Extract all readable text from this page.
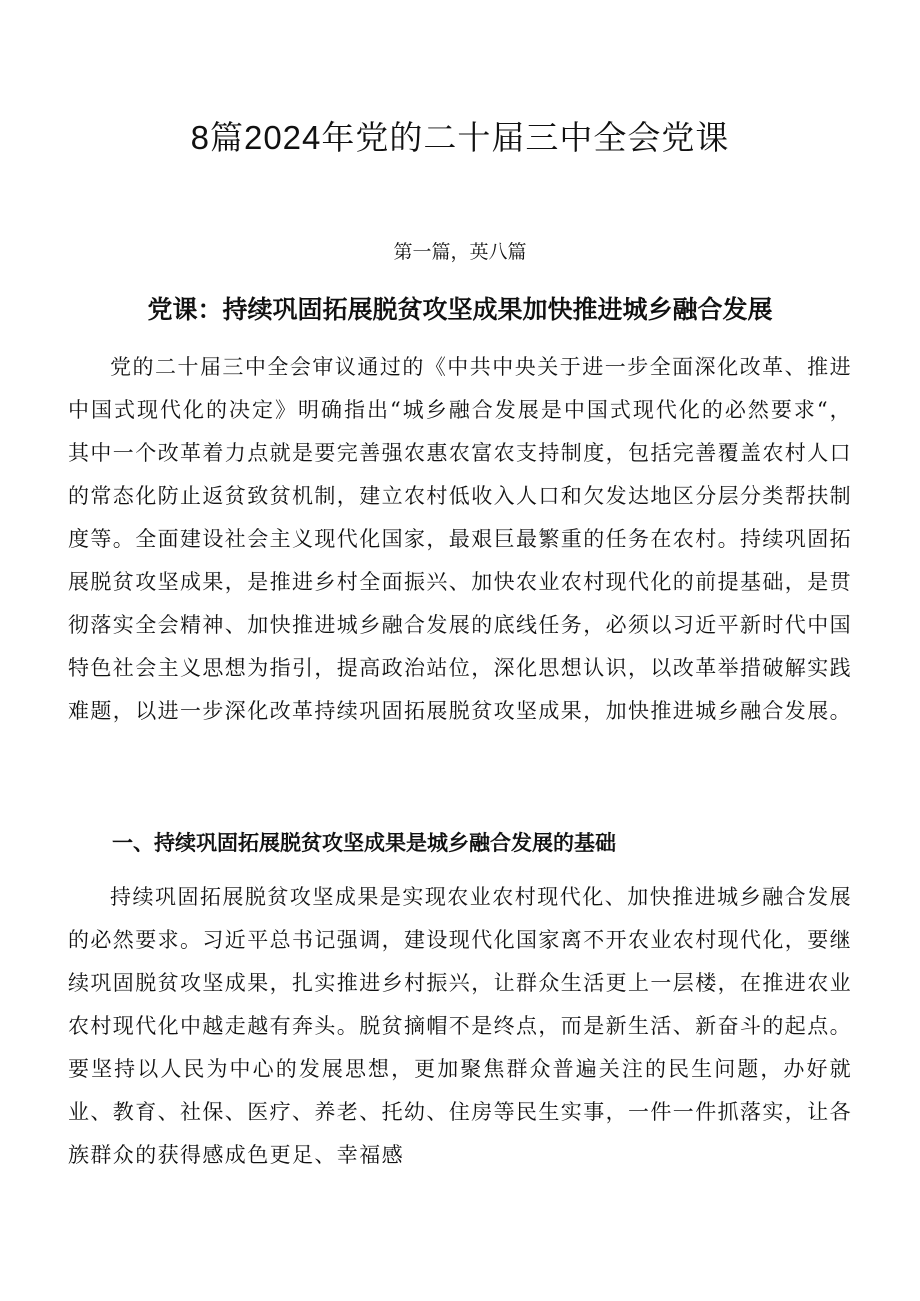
8篇2024年党的二十届三中全会党课
第一篇，英八篇
党课：持续巩固拓展脱贫攻坚成果加快推进城乡融合发展

党的二十届三中全会审议通过的《中共中央关于进一步全面深化改革、推进中国式现代化的决定》明确指出“城乡融合发展是中国式现代化的必然要求“，其中一个改革着力点就是要完善强农惠农富农支持制度，包括完善覆盖农村人口的常态化防止返贫致贫机制，建立农村低收入人口和欠发达地区分层分类帮扶制度等。全面建设社会主义现代化国家，最艰巨最繁重的任务在农村。持续巩固拓展脱贫攻坚成果，是推进乡村全面振兴、加快农业农村现代化的前提基础，是贯彻落实全会精神、加快推进城乡融合发展的底线任务，必须以习近平新时代中国特色社会主义思想为指引，提高政治站位，深化思想认识，以改革举措破解实践难题，以进一步深化改革持续巩固拓展脱贫攻坚成果，加快推进城乡融合发展。

一、持续巩固拓展脱贫攻坚成果是城乡融合发展的基础

持续巩固拓展脱贫攻坚成果是实现农业农村现代化、加快推进城乡融合发展的必然要求。习近平总书记强调，建设现代化国家离不开农业农村现代化，要继续巩固脱贫攻坚成果，扎实推进乡村振兴，让群众生活更上一层楼，在推进农业农村现代化中越走越有奔头。脱贫摘帽不是终点，而是新生活、新奋斗的起点。要坚持以人民为中心的发展思想，更加聚焦群众普遍关注的民生问题，办好就业、教育、社保、医疗、养老、托幼、住房等民生实事，一件一件抓落实，让各族群众的获得感成色更足、幸福感
